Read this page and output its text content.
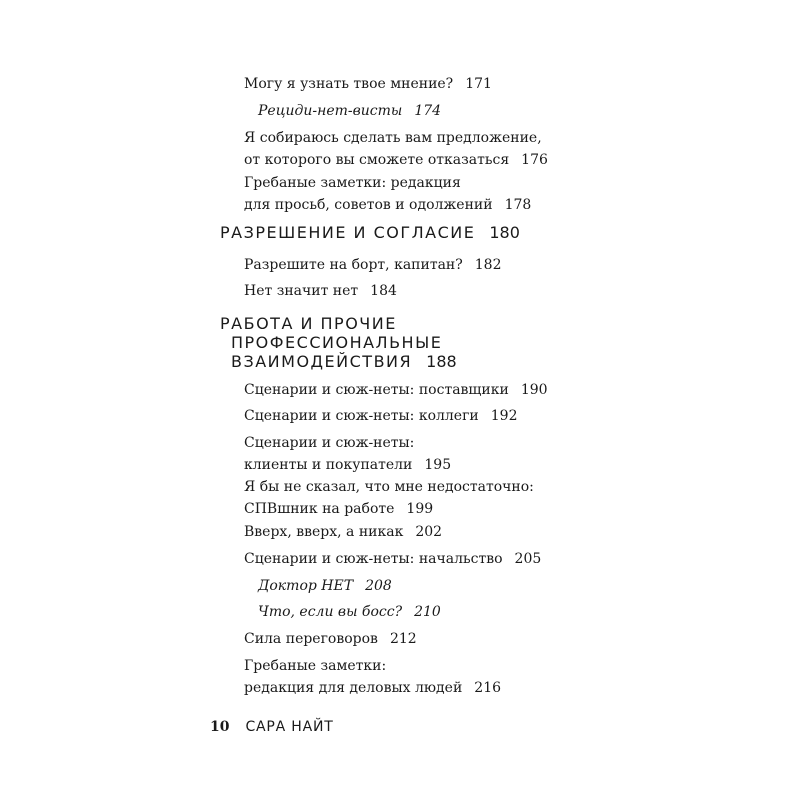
Могу я узнать твое мнение? 171
Рециди-нет-висты 174
Я собираюсь сделать вам предложение,
от которого вы сможете отказаться 176
Гребаные заметки: редакция
для просьб, советов и одолжений 178
РАЗРЕШЕНИЕ И СОГЛАСИЕ 180
Разрешите на борт, капитан? 182
Нет значит нет 184
РАБОТА И ПРОЧИЕ
ПРОФЕССИОНАЛЬНЫЕ
ВЗАИМОДЕЙСТВИЯ 188
Сценарии и сюж-неты: поставщики 190
Сценарии и сюж-неты: коллеги 192
Сценарии и сюж-неты:
клиенты и покупатели 195
Я бы не сказал, что мне недостаточно:
СПВшник на работе 199
Вверх, вверх, а никак 202
Сценарии и сюж-неты: начальство 205
Доктор НЕТ 208
Что, если вы босс? 210
Сила переговоров 212
Гребаные заметки:
редакция для деловых людей 216
10 САРА НАЙТ
